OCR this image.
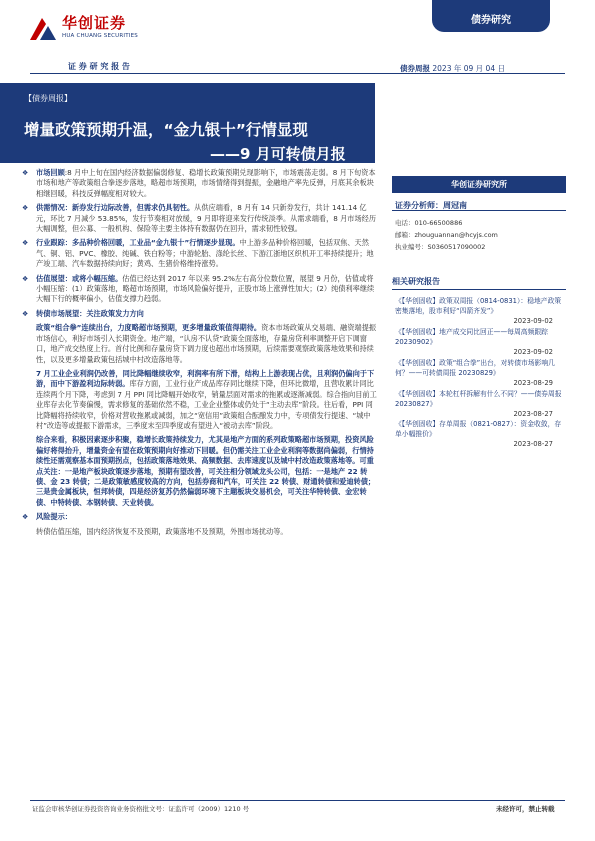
华创证券
HUA CHUANG SECURITIES
证 券 研 究 报 告
债券研究
债券周报 2023 年 09 月 04 日
【债券周报】
增量政策预期升温，“金九银十”行情显现
——9 月可转债月报
❖ 市场回顾:8 月中上旬在国内经济数据偏弱修复、稳增长政策预期兑现影响下，市场震荡走弱。8 月下旬资本市场和地产等政策组合拳逐步落地，略超市场预期，市场情绪得到提振，金融地产率先反弹，月底其余板块相继回暖，科技反弹幅度相对较大。
❖ 供需情况：新券发行边际改善，但需求仍具韧性。从供应端看，8 月有 14 只新券发行，共计 141.14 亿元，环比 7 月减少 53.85%，发行节奏相对放缓，9 月即将迎来发行传统淡季。从需求端看，8 月市场经历大幅调整，但公募、一般机构、保险等主要主体持有数据仍在回升，需求韧性较强。
❖ 行业跟踪：多品种价格回暖，工业品“金九银十”行情逐步显现。中上游多品种价格回暖，包括双焦、天然气、铜、铝、PVC、橡胶、纯碱、铁白粉等；中游轮胎、涤纶长丝、下游江浙地区织机开工率持续提升；地产竣工端、汽车数据持续向好；黄鸡、生猪价格维持涨势。
❖ 估值展望：或将小幅压缩。估值已经达到 2017 年以来 95.2%左右高分位数位置，展望 9 月份，估值或将小幅压缩：(1）政策落地，略超市场预期，市场风险偏好提升，正股市场上涨弹性加大；(2）纯债利率继续大幅下行的概率偏小，估值支撑力趋弱。
❖ 转债市场展望：关注政策发力方向
政策“组合拳”连续出台，力度略超市场预期，更多增量政策值得期待。资本市场政策从交易端、融资端提振市场信心，利好市场引入长期资金。地产端，“认房不认贷”政策全面落地，存量房贷利率调整开启下调窗口，地产成交热度上行。首付比例和存量房贷下调力度也超出市场预期，后续需要观察政策落地效果和持续性，以及更多增量政策包括城中村改造落地等。
7 月工业企业利润仍改善，同比降幅继续收窄，利润率有所下滑，结构上上游表现占优，且利润仍偏向于下游，而中下游盈利边际转弱。库存方面，工业行业产成品库存同比继续下降，但环比微增，且营收累计同比连续两个月下降，考虑到 7 月 PPI 同比降幅开始收窄，销量层面对需求的拖累或逐渐减弱。综合指向目前工业库存去化节奏偏慢，需求修复的基础依然不稳，工业企业整体或仍处于“主动去库”阶段。往后看，PPI 同比降幅将持续收窄，价格对营收拖累或减弱，加之“宽信用”政策组合酝酿发力中，专项债发行提速、“城中村”改造等或提振下游需求，三季度末至四季度或有望进入“被动去库”阶段。
综合来看，积极因素逐步积聚，稳增长政策持续发力，尤其是地产方面的系列政策略超市场预期，投资风险偏好将得抬升，增量资金有望在政策预期向好推动下回暖。但仍需关注工业企业利润等数据尚偏弱，行情持续性还需观察基本面预期拐点，包括政策落地效果、高频数据、去库速度以及城中村改造政策落地等。可重点关注：一是地产板块政策逐步落地，预期有望改善，可关注相分领域龙头公司，包括：一是地产 22 转债、金 23 转债；二是政策敏感度较高的方向，包括券商和汽车，可关注 22 转债、财通转债和爱迪转债；三是贵金属板块，恒邦转债，四是经济复苏仍然偏弱环境下主题板块交易机会，可关注华特转债、金宏转债、中特转债、本钢转债、天业转债。
❖ 风险提示：
转债估值压缩，国内经济恢复不及预期，政策落地不及预期，外围市场扰动等。
华创证券研究所
证券分析师：周冠南
电话：010-66500886
邮箱：zhouguannan@hcyjs.com
执业编号：S0360517090002
相关研究报告
《【华创固收】政策双周报（0814-0831）：稳地产政策密集落地，股市利好“四箭齐发”》
2023-09-02
《【华创固收】地产成交同比回正——每周高频跟踪 20230902》
2023-09-02
《【华创固收】政策“组合拳”出台，对转债市场影响几何？——可转债周报 20230829》
2023-08-29
《【华创固收】本轮杠杆拆解有什么不同？——债券周报 20230827》
2023-08-27
《【华创固收】存单周报（0821-0827）：资金收敛，存单小幅推价》
2023-08-27
证监会审核华创证券投资咨询业务资格批文号：证监许可（2009）1210 号	未经许可，禁止转载
